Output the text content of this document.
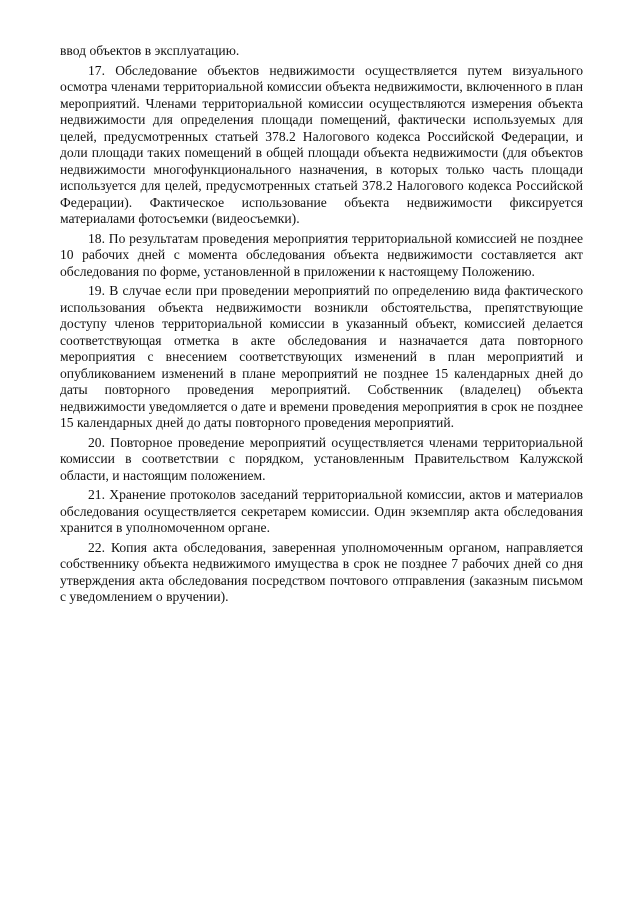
ввод объектов в эксплуатацию.

17. Обследование объектов недвижимости осуществляется путем визуального осмотра членами территориальной комиссии объекта недвижимости, включенного в план мероприятий. Членами территориальной комиссии осуществляются измерения объекта недвижимости для определения площади помещений, фактически используемых для целей, предусмотренных статьей 378.2 Налогового кодекса Российской Федерации, и доли площади таких помещений в общей площади объекта недвижимости (для объектов недвижимости многофункционального назначения, в которых только часть площади используется для целей, предусмотренных статьей 378.2 Налогового кодекса Российской Федерации). Фактическое использование объекта недвижимости фиксируется материалами фотосъемки (видеосъемки).

18. По результатам проведения мероприятия территориальной комиссией не позднее 10 рабочих дней с момента обследования объекта недвижимости составляется акт обследования по форме, установленной в приложении к настоящему Положению.

19. В случае если при проведении мероприятий по определению вида фактического использования объекта недвижимости возникли обстоятельства, препятствующие доступу членов территориальной комиссии в указанный объект, комиссией делается соответствующая отметка в акте обследования и назначается дата повторного мероприятия с внесением соответствующих изменений в план мероприятий и опубликованием изменений в плане мероприятий не позднее 15 календарных дней до даты повторного проведения мероприятий. Собственник (владелец) объекта недвижимости уведомляется о дате и времени проведения мероприятия в срок не позднее 15 календарных дней до даты повторного проведения мероприятий.

20. Повторное проведение мероприятий осуществляется членами территориальной комиссии в соответствии с порядком, установленным Правительством Калужской области, и настоящим положением.

21. Хранение протоколов заседаний территориальной комиссии, актов и материалов обследования осуществляется секретарем комиссии. Один экземпляр акта обследования хранится в уполномоченном органе.

22. Копия акта обследования, заверенная уполномоченным органом, направляется собственнику объекта недвижимого имущества в срок не позднее 7 рабочих дней со дня утверждения акта обследования посредством почтового отправления (заказным письмом с уведомлением о вручении).
